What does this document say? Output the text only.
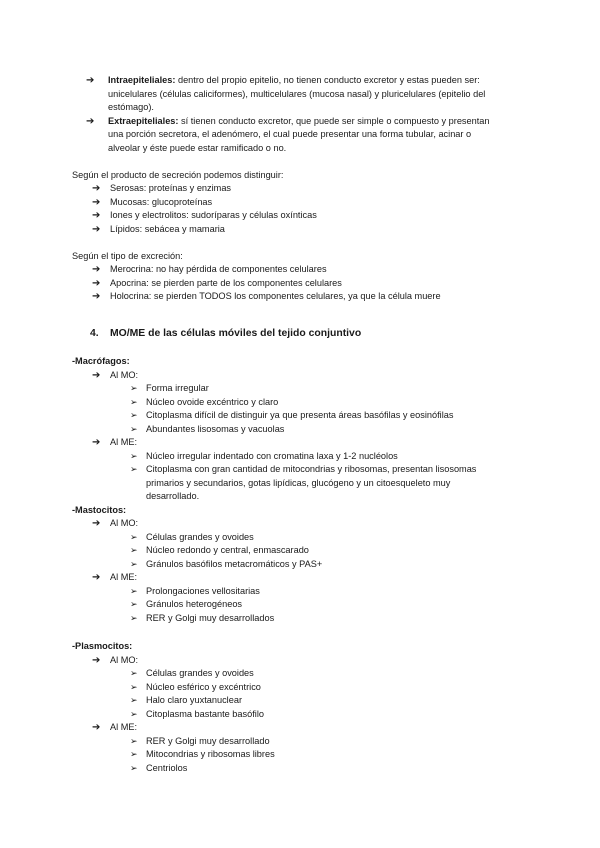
➔ Intraepiteliales: dentro del propio epitelio, no tienen conducto excretor y estas pueden ser:
unicelulares (células caliciformes), multicelulares (mucosa nasal) y pluricelulares (epitelio del
estómago).
➔ Extraepiteliales: sí tienen conducto excretor, que puede ser simple o compuesto y presentan
una porción secretora, el adenómero, el cual puede presentar una forma tubular, acinar o
alveolar y éste puede estar ramificado o no.
Según el producto de secreción podemos distinguir:
➔ Serosas: proteínas y enzimas
➔ Mucosas: glucoproteínas
➔ Iones y electrolitos: sudoríparas y células oxínticas
➔ Lípidos: sebácea y mamaria
Según el tipo de excreción:
➔ Merocrina: no hay pérdida de componentes celulares
➔ Apocrina: se pierden parte de los componentes celulares
➔ Holocrina: se pierden TODOS los componentes celulares, ya que la célula muere
4. MO/ME de las células móviles del tejido conjuntivo
-Macrófagos:
➔ Al MO:
➢ Forma irregular
➢ Núcleo ovoide excéntrico y claro
➢ Citoplasma difícil de distinguir ya que presenta áreas basófilas y eosinófilas
➢ Abundantes lisosomas y vacuolas
➔ Al ME:
➢ Núcleo irregular indentado con cromatina laxa y 1-2 nucléolos
➢ Citoplasma con gran cantidad de mitocondrias y ribosomas, presentan lisosomas
primarios y secundarios, gotas lipídicas, glucógeno y un citoesqueleto muy
desarrollado.
-Mastocitos:
➔ Al MO:
➢ Células grandes y ovoides
➢ Núcleo redondo y central, enmascarado
➢ Gránulos basófilos metacromáticos y PAS+
➔ Al ME:
➢ Prolongaciones vellositarias
➢ Gránulos heterogéneos
➢ RER y Golgi muy desarrollados
-Plasmocitos:
➔ Al MO:
➢ Células grandes y ovoides
➢ Núcleo esférico y excéntrico
➢ Halo claro yuxtanuclear
➢ Citoplasma bastante basófilo
➔ Al ME:
➢ RER y Golgi muy desarrollado
➢ Mitocondrias y ribosomas libres
➢ Centriolos
